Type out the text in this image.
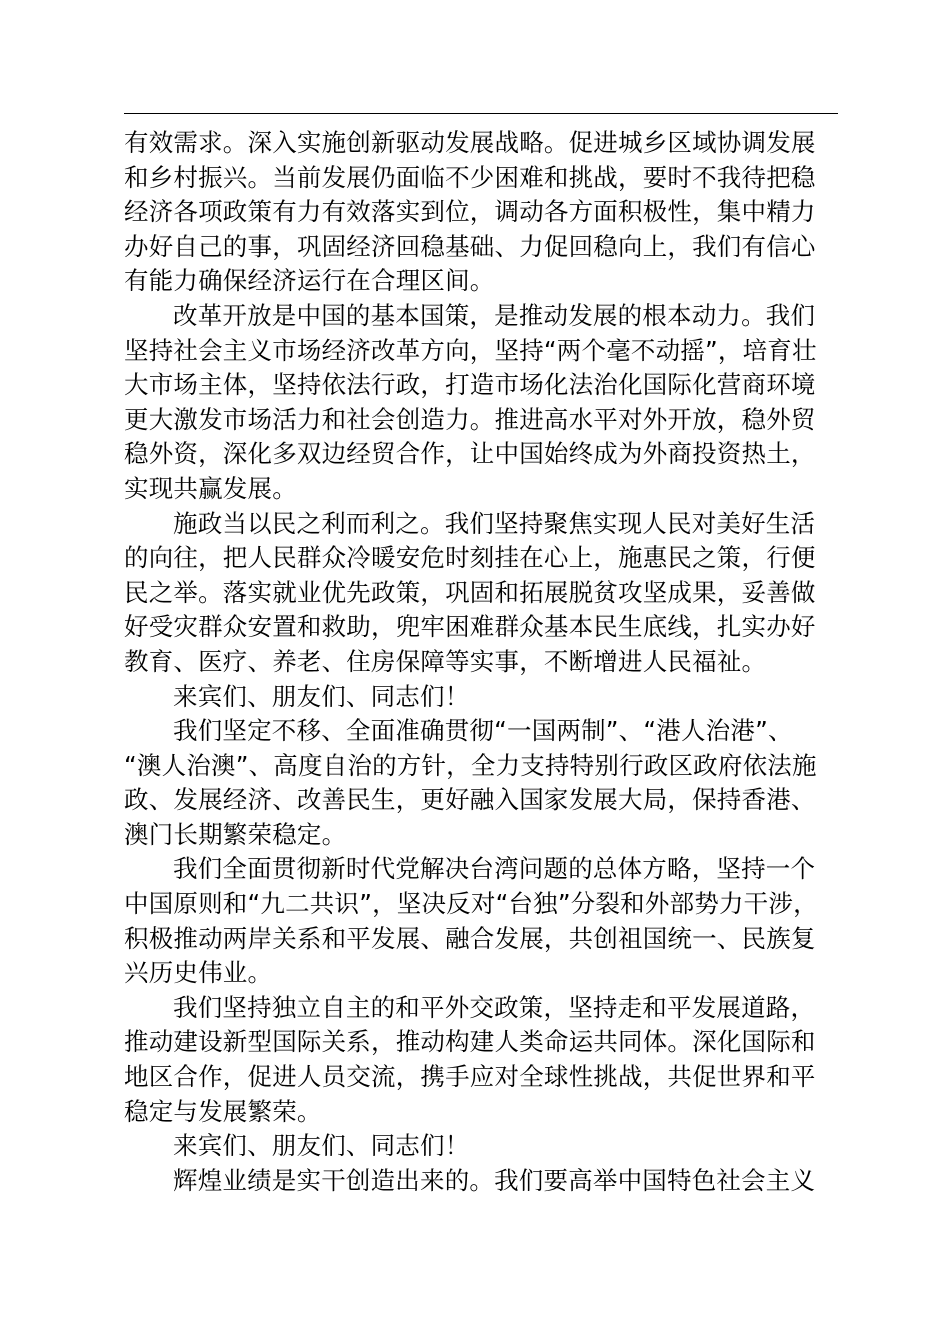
有效需求。深入实施创新驱动发展战略。促进城乡区域协调发展
和乡村振兴。当前发展仍面临不少困难和挑战，要时不我待把稳
经济各项政策有力有效落实到位，调动各方面积极性，集中精力
办好自己的事，巩固经济回稳基础、力促回稳向上，我们有信心
有能力确保经济运行在合理区间。
改革开放是中国的基本国策，是推动发展的根本动力。我们
坚持社会主义市场经济改革方向，坚持“两个毫不动摇”，培育壮
大市场主体，坚持依法行政，打造市场化法治化国际化营商环境
更大激发市场活力和社会创造力。推进高水平对外开放，稳外贸
稳外资，深化多双边经贸合作，让中国始终成为外商投资热土，
实现共赢发展。
施政当以民之利而利之。我们坚持聚焦实现人民对美好生活
的向往，把人民群众冷暖安危时刻挂在心上，施惠民之策，行便
民之举。落实就业优先政策，巩固和拓展脱贫攻坚成果，妥善做
好受灾群众安置和救助，兜牢困难群众基本民生底线，扎实办好
教育、医疗、养老、住房保障等实事，不断增进人民福祉。
来宾们、朋友们、同志们！
我们坚定不移、全面准确贯彻“一国两制”、“港人治港”、
“澳人治澳”、高度自治的方针，全力支持特别行政区政府依法施
政、发展经济、改善民生，更好融入国家发展大局，保持香港、
澳门长期繁荣稳定。
我们全面贯彻新时代党解决台湾问题的总体方略，坚持一个
中国原则和“九二共识”，坚决反对“台独”分裂和外部势力干涉，
积极推动两岸关系和平发展、融合发展，共创祖国统一、民族复
兴历史伟业。
我们坚持独立自主的和平外交政策，坚持走和平发展道路，
推动建设新型国际关系，推动构建人类命运共同体。深化国际和
地区合作，促进人员交流，携手应对全球性挑战，共促世界和平
稳定与发展繁荣。
来宾们、朋友们、同志们！
辉煌业绩是实干创造出来的。我们要高举中国特色社会主义
